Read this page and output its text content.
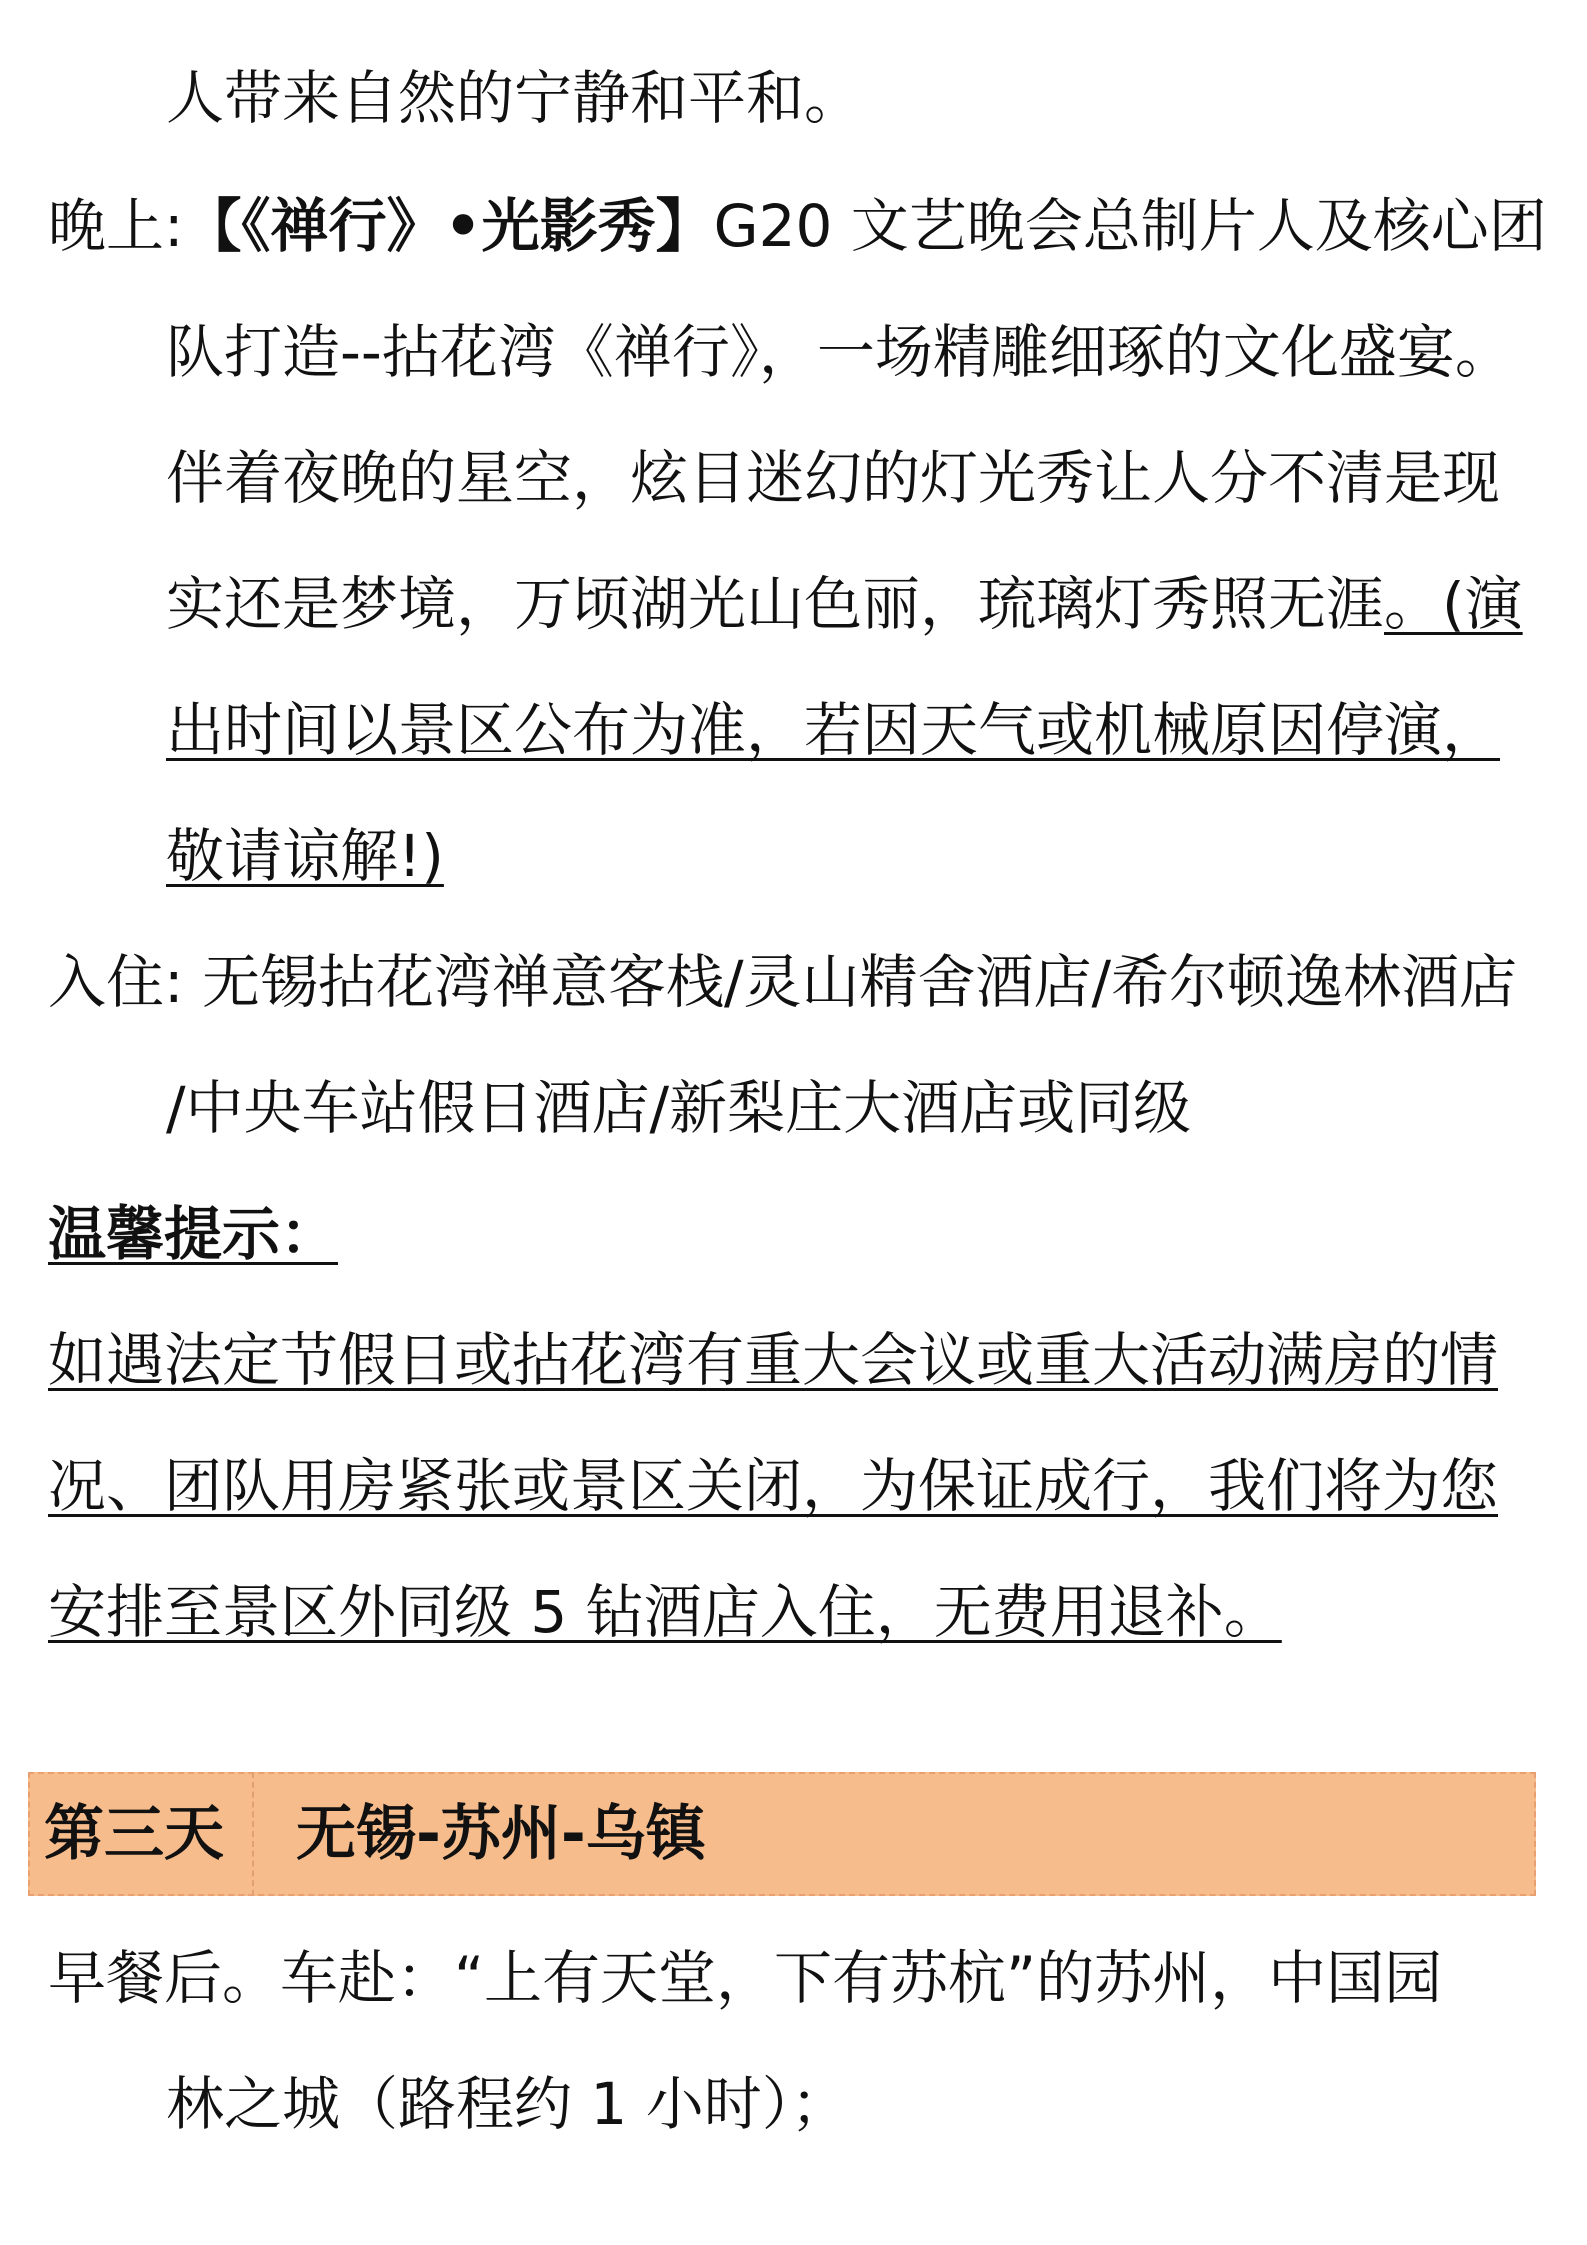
人带来自然的宁静和平和。
晚上:【《禅行》•光影秀】G20 文艺晚会总制片人及核心团
队打造--拈花湾《禅行》，一场精雕细琢的文化盛宴。
伴着夜晚的星空，炫目迷幻的灯光秀让人分不清是现
实还是梦境，万顷湖光山色丽，琉璃灯秀照无涯。(演
出时间以景区公布为准，若因天气或机械原因停演，
敬请谅解!)
入住: 无锡拈花湾禅意客栈/灵山精舍酒店/希尔顿逸林酒店
/中央车站假日酒店/新梨庄大酒店或同级
温馨提示：
如遇法定节假日或拈花湾有重大会议或重大活动满房的情
况、团队用房紧张或景区关闭，为保证成行，我们将为您
安排至景区外同级 5 钻酒店入住，无费用退补。
第三天 无锡-苏州-乌镇
早餐后。车赴：“上有天堂，下有苏杭”的苏州，中国园
林之城（路程约 1 小时）；
